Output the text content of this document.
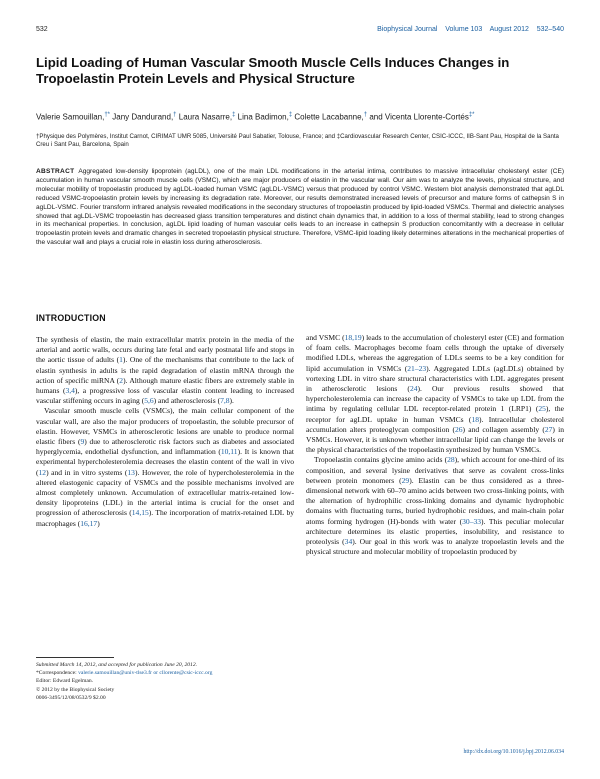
532	Biophysical Journal Volume 103 August 2012 532–540
Lipid Loading of Human Vascular Smooth Muscle Cells Induces Changes in Tropoelastin Protein Levels and Physical Structure
Valerie Samouillan,†* Jany Dandurand,† Laura Nasarre,‡ Lina Badimon,‡ Colette Lacabanne,† and Vicenta Llorente-Cortés‡*
†Physique des Polymères, Institut Carnot, CIRIMAT UMR 5085, Université Paul Sabatier, Tolouse, France; and ‡Cardiovascular Research Center, CSIC-ICCC, IIB-Sant Pau, Hospital de la Santa Creu i Sant Pau, Barcelona, Spain
ABSTRACT Aggregated low-density lipoprotein (agLDL), one of the main LDL modifications in the arterial intima, contributes to massive intracellular cholesteryl ester (CE) accumulation in human vascular smooth muscle cells (VSMC), which are major producers of elastin in the vascular wall. Our aim was to analyze the levels, physical structure, and molecular mobility of tropoelastin produced by agLDL-loaded human VSMC (agLDL-VSMC) versus that produced by control VSMC. Western blot analysis demonstrated that agLDL reduced VSMC-tropoelastin protein levels by increasing its degradation rate. Moreover, our results demonstrated increased levels of precursor and mature forms of cathepsin S in agLDL-VSMC. Fourier transform infrared analysis revealed modifications in the secondary structures of tropoelastin produced by lipid-loaded VSMCs. Thermal and dielectric analyses showed that agLDL-VSMC tropoelastin has decreased glass transition temperatures and distinct chain dynamics that, in addition to a loss of thermal stability, lead to strong changes in its mechanical properties. In conclusion, agLDL lipid loading of human vascular cells leads to an increase in cathepsin S production concomitantly with a decrease in cellular tropoelastin protein levels and dramatic changes in secreted tropoelastin physical structure. Therefore, VSMC-lipid loading likely determines alterations in the mechanical properties of the vascular wall and plays a crucial role in elastin loss during atherosclerosis.
INTRODUCTION

The synthesis of elastin, the main extracellular matrix protein in the media of the arterial and aortic walls, occurs during late fetal and early postnatal life and stops in the aortic tissue of adults (1). One of the mechanisms that contribute to the lack of elastin synthesis in adults is the rapid degradation of elastin mRNA through the action of specific miRNA (2). Although mature elastic fibers are extremely stable in humans (3,4), a progressive loss of vascular elastin content leading to increased vascular stiffening occurs in aging (5,6) and atherosclerosis (7,8).

Vascular smooth muscle cells (VSMCs), the main cellular component of the vascular wall, are also the major producers of tropoelastin, the soluble precursor of elastin. However, VSMCs in atherosclerotic lesions are unable to produce normal elastic fibers (9) due to atherosclerotic risk factors such as diabetes and associated hyperglycemia, endothelial dysfunction, and inflammation (10,11). It is known that experimental hypercholesterolemia decreases the elastin content of the wall in vivo (12) and in in vitro systems (13). However, the role of hypercholesterolemia in the altered elastogenic capacity of VSMCs and the possible mechanisms involved are almost completely unknown. Accumulation of extracellular matrix-retained low-density lipoproteins (LDL) in the arterial intima is crucial for the onset and progression of atherosclerosis (14,15). The incorporation of matrix-retained LDL by macrophages (16,17)

and VSMC (18,19) leads to the accumulation of cholesteryl ester (CE) and formation of foam cells. Macrophages become foam cells through the uptake of diversely modified LDLs, whereas the aggregation of LDLs seems to be a key condition for lipid accumulation in VSMCs (21–23). Aggregated LDLs (agLDLs) obtained by vortexing LDL in vitro share structural characteristics with LDL aggregates present in atherosclerotic lesions (24). Our previous results showed that hypercholesterolemia can increase the capacity of VSMCs to take up LDL from the intima by regulating cellular LDL receptor-related protein 1 (LRP1) (25), the receptor for agLDL uptake in human VSMCs (18). Intracellular cholesterol accumulation alters proteoglycan composition (26) and collagen assembly (27) in VSMCs. However, it is unknown whether intracellular lipid can change the levels or the physical characteristics of the tropoelastin synthesized by human VSMCs.

Tropoelastin contains glycine amino acids (28), which account for one-third of its composition, and several lysine derivatives that serve as covalent cross-links between protein monomers (29). Elastin can be thus considered as a three-dimensional network with 60–70 amino acids between two cross-linking points, with the alternation of hydrophilic cross-linking domains and dynamic hydrophobic domains with fluctuating turns, buried hydrophobic residues, and main-chain polar atoms forming hydrogen (H)-bonds with water (30–33). This peculiar molecular architecture determines its elastic properties, insolubility, and resistance to proteolysis (34). Our goal in this work was to analyze tropoelastin levels and the physical structure and molecular mobility of tropoelastin produced by

Submitted March 14, 2012, and accepted for publication June 20, 2012.
*Correspondence: valerie.samouillan@univ-tlse3.fr or cllorente@csic-iccc.org
Editor: Edward Egelman.
© 2012 by the Biophysical Society
0006-3495/12/08/0532/9 $2.00
http://dx.doi.org/10.1016/j.bpj.2012.06.034
